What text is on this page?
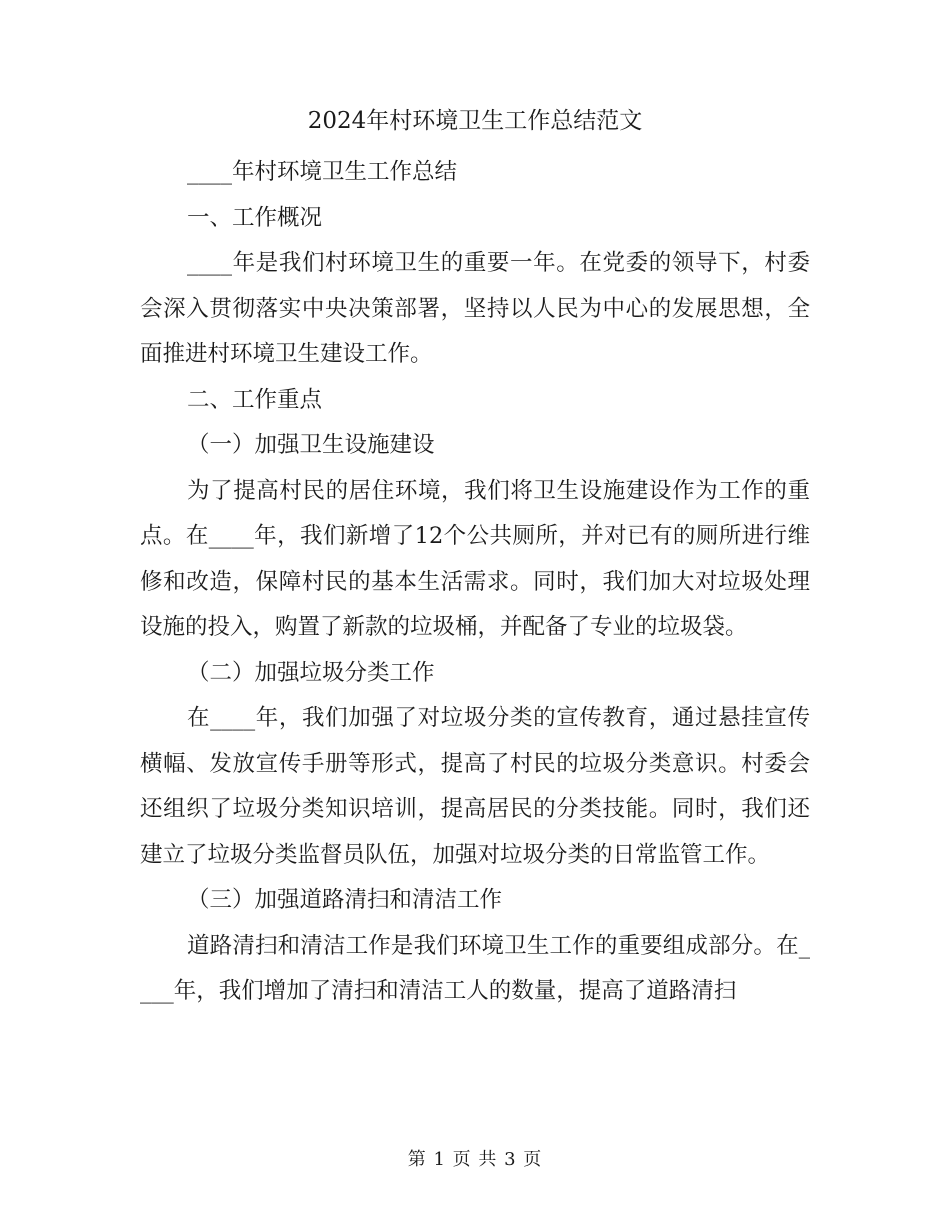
2024年村环境卫生工作总结范文

____年村环境卫生工作总结

一、工作概况

____年是我们村环境卫生的重要一年。在党委的领导下，村委会深入贯彻落实中央决策部署，坚持以人民为中心的发展思想，全面推进村环境卫生建设工作。

二、工作重点

（一）加强卫生设施建设

为了提高村民的居住环境，我们将卫生设施建设作为工作的重点。在____年，我们新增了12个公共厕所，并对已有的厕所进行维修和改造，保障村民的基本生活需求。同时，我们加大对垃圾处理设施的投入，购置了新款的垃圾桶，并配备了专业的垃圾袋。

（二）加强垃圾分类工作

在____年，我们加强了对垃圾分类的宣传教育，通过悬挂宣传横幅、发放宣传手册等形式，提高了村民的垃圾分类意识。村委会还组织了垃圾分类知识培训，提高居民的分类技能。同时，我们还建立了垃圾分类监督员队伍，加强对垃圾分类的日常监管工作。

（三）加强道路清扫和清洁工作

道路清扫和清洁工作是我们环境卫生工作的重要组成部分。在____年，我们增加了清扫和清洁工人的数量，提高了道路清扫

第 1 页 共 3 页
